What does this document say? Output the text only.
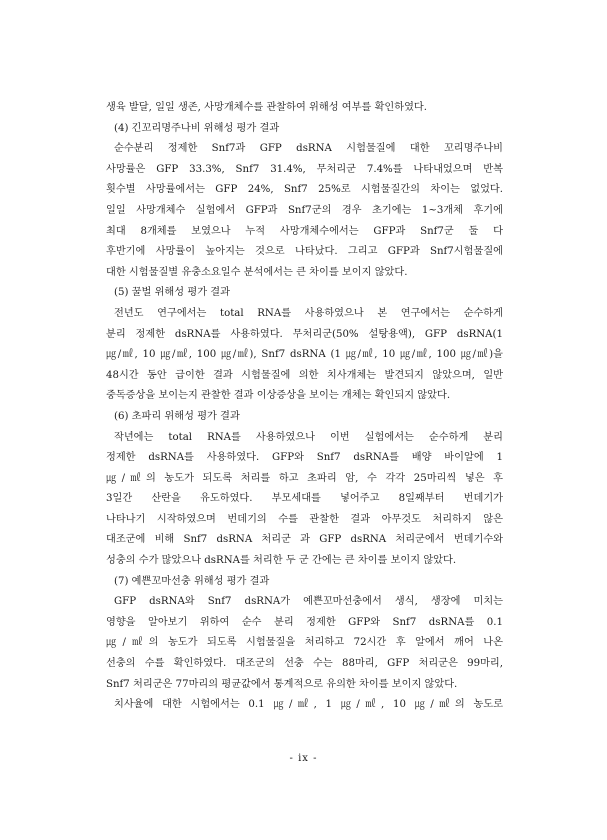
생육 발달, 일일 생존, 사망개체수를 관찰하여 위해성 여부를 확인하였다.
(4) 긴꼬리명주나비 위해성 평가 결과
순수분리 정제한 Snf7과 GFP dsRNA 시험물질에 대한 꼬리명주나비
사망률은 GFP 33.3%, Snf7 31.4%, 무처리군 7.4%를 나타내었으며 반복
횟수별 사망률에서는 GFP 24%, Snf7 25%로 시험물질간의 차이는 없었다.
일일 사망개체수 실험에서 GFP과 Snf7군의 경우 초기에는 1~3개체 후기에
최대 8개체를 보였으나 누적 사망개체수에서는 GFP과 Snf7군 둘 다
후반기에 사망률이 높아지는 것으로 나타났다. 그리고 GFP과 Snf7시험물질에
대한 시험물질별 유충소요일수 분석에서는 큰 차이를 보이지 않았다.
(5) 꿀벌 위해성 평가 결과
전년도 연구에서는 total RNA를 사용하였으나 본 연구에서는 순수하게
분리 정제한 dsRNA를 사용하였다. 무처리군(50% 설탕용액), GFP dsRNA(1
㎍/㎖, 10 ㎍/㎖, 100 ㎍/㎖), Snf7 dsRNA (1 ㎍/㎖, 10 ㎍/㎖, 100 ㎍/㎖)을
48시간 동안 급이한 결과 시험물질에 의한 치사개체는 발견되지 않았으며, 일반
중독증상을 보이는지 관찰한 결과 이상증상을 보이는 개체는 확인되지 않았다.
(6) 초파리 위해성 평가 결과
작년에는 total RNA를 사용하였으나 이번 실험에서는 순수하게 분리
정제한 dsRNA를 사용하였다. GFP와 Snf7 dsRNA를 배양 바이알에 1
㎍/㎖의 농도가 되도록 처리를 하고 초파리 암, 수 각각 25마리씩 넣은 후
3일간 산란을 유도하였다. 부모세대를 넣어주고 8일째부터 번데기가
나타나기 시작하였으며 번데기의 수를 관찰한 결과 아무것도 처리하지 않은
대조군에 비해 Snf7 dsRNA 처리군 과 GFP dsRNA 처리군에서 번데기수와
성충의 수가 많았으나 dsRNA를 처리한 두 군 간에는 큰 차이를 보이지 않았다.
(7) 예쁜꼬마선충 위해성 평가 결과
GFP dsRNA와 Snf7 dsRNA가 예쁜꼬마선충에서 생식, 생장에 미치는
영향을 알아보기 위하여 순수 분리 정제한 GFP와 Snf7 dsRNA를 0.1
㎍/㎖의 농도가 되도록 시험물질을 처리하고 72시간 후 알에서 깨어 나온
선충의 수를 확인하였다. 대조군의 선충 수는 88마리, GFP 처리군은 99마리,
Snf7 처리군은 77마리의 평균값에서 통계적으로 유의한 차이를 보이지 않았다.
치사율에 대한 시험에서는 0.1 ㎍/㎖, 1 ㎍/㎖, 10 ㎍/㎖의 농도로
- ix -
